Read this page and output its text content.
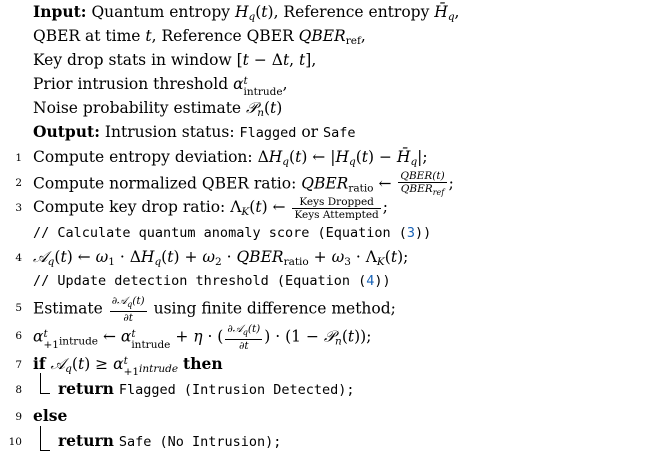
Input: Quantum entropy $H_q(t)$, Reference entropy $H̄_q$,
QBER at time t, Reference QBER $QBER_{ref}$,
Key drop stats in window [t − Δt, t],
Prior intrusion threshold α t
intrude ,
Noise probability estimate 𝒫$_n$(t)
Output: Intrusion status: Flagged or Safe
1 Compute entropy deviation: $\Delta H_q(t)$ ← $|H_q(t)$ − $H̄_q|$;
2 Compute normalized QBER ratio: $QBER_{ratio}$ ← $\frac{\text{QBER(t)}}{QBER_{ref}}$ ;
3 Compute key drop ratio: $\Lambda_K(t)$ ← $\frac{\text{Keys Dropped}}{\text{Keys Attempted}}$ ;
// Calculate quantum anomaly score (Equation (3))
4 𝒜$_q$(t) ← $\omega_1 \cdot \Delta H_q(t) + \omega_2$ · $QBER_{ratio} + \omega_3 \cdot \Lambda_K(t)$;
// Update detection threshold (Equation (4))
5 Estimate $\frac{\partial 𝒜_q(t)}{\partial t}$ using finite difference method;
6 α t
$+1_{intrude}$ ← α t
intrude + η · ( $\frac{\partial 𝒜_q(t)}{\partial t}$ ) · (1 − 𝒫$_n$(t));
7 if 𝒜$_q$(t) ≥ α t
$+1_{intrude}$ then
8 return Flagged (Intrusion Detected);
9 else
10 return Safe (No Intrusion);
